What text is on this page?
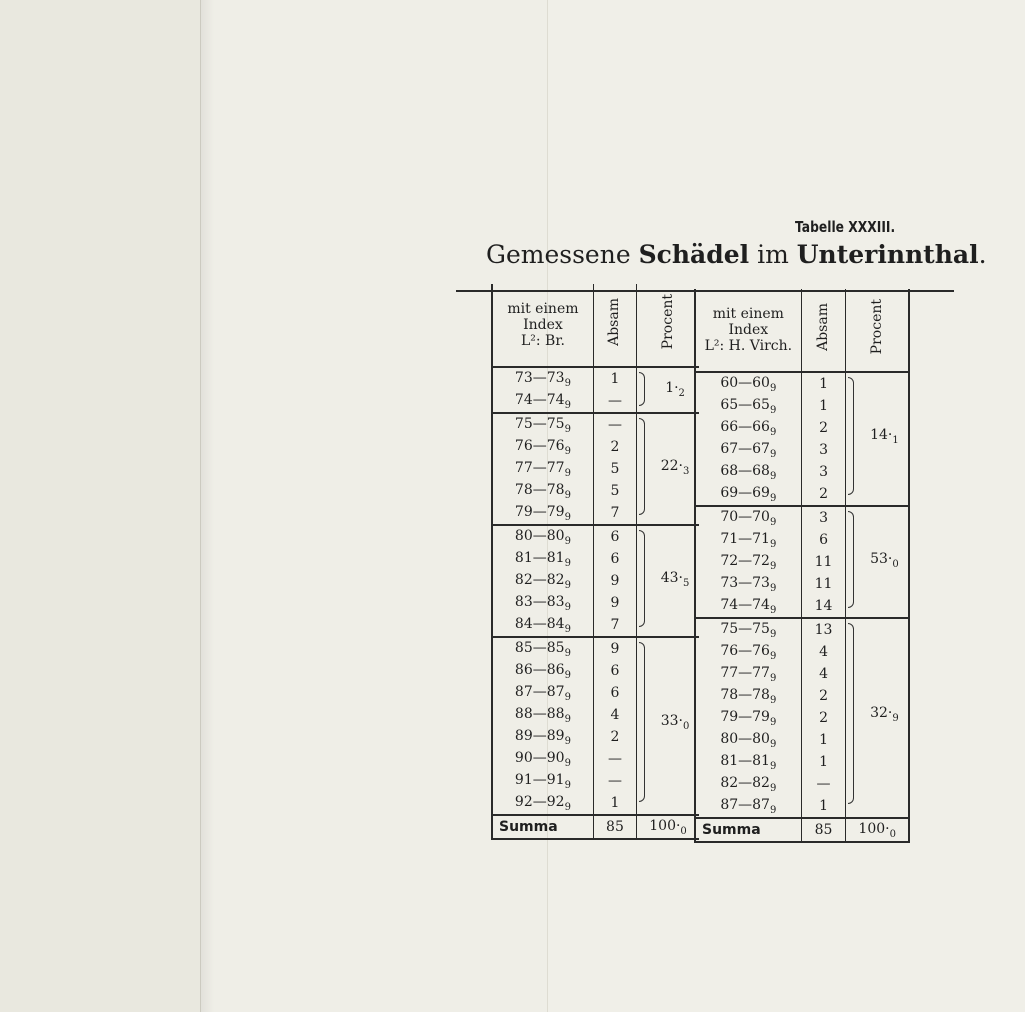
Tabelle XXXIII.
Gemessene Schädel im Unterinnthal.
mit einem
Index
L²: Br.	Absam	Procent
$73—73_9$	1	$1\cdot_2$

$74—74_9$	—	
$75—75_9$	—	$22\cdot_3$

$76—76_9$	2	
$77—77_9$	5	
$78—78_9$	5	
$79—79_9$	7	
$80—80_9$	6	$43\cdot_5$

$81—81_9$	6	
$82—82_9$	9	
$83—83_9$	9	
$84—84_9$	7	
$85—85_9$	9	$33\cdot_0$

$86—86_9$	6	
$87—87_9$	6	
$88—88_9$	4	
$89—89_9$	2	
$90—90_9$	—	
$91—91_9$	—	
$92—92_9$	1	
Summa	85	$100\cdot_0$
mit einem
Index
L²: H. Virch.	Absam	Procent
$60—60_9$	1	$14\cdot_1$

$65—65_9$	1	
$66—66_9$	2	
$67—67_9$	3	
$68—68_9$	3	
$69—69_9$	2	
$70—70_9$	3	$53\cdot_0$

$71—71_9$	6	
$72—72_9$	11	
$73—73_9$	11	
$74—74_9$	14	
$75—75_9$	13	$32\cdot_9$

$76—76_9$	4	
$77—77_9$	4	
$78—78_9$	2	
$79—79_9$	2	
$80—80_9$	1	
$81—81_9$	1	
$82—82_9$	—	
$87—87_9$	1	
Summa	85	$100\cdot_0$
